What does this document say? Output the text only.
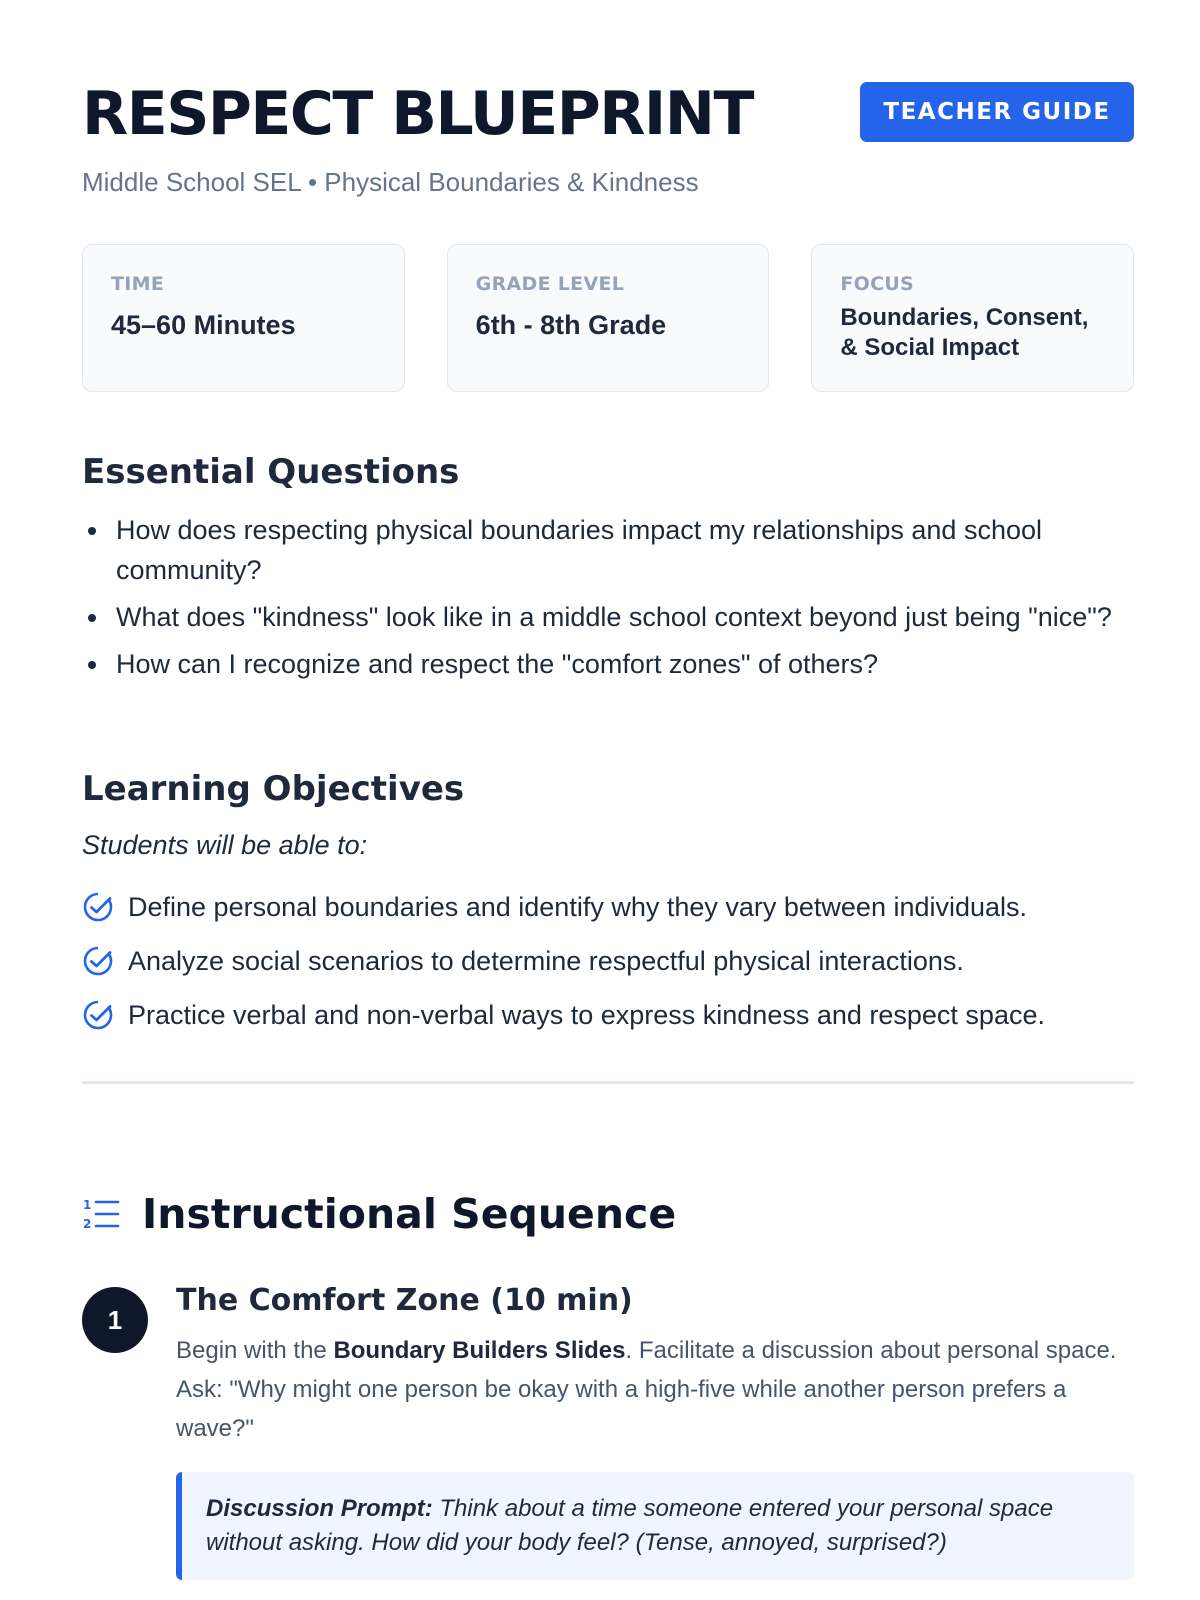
RESPECT BLUEPRINT
Middle School SEL • Physical Boundaries & Kindness
TEACHER GUIDE
TIME
45–60 Minutes
GRADE LEVEL
6th - 8th Grade
FOCUS
Boundaries, Consent,
& Social Impact
Essential Questions
How does respecting physical boundaries impact my relationships and school community?
What does "kindness" look like in a middle school context beyond just being "nice"?
How can I recognize and respect the "comfort zones" of others?
Learning Objectives
Students will be able to:
Define personal boundaries and identify why they vary between individuals.
Analyze social scenarios to determine respectful physical interactions.
Practice verbal and non-verbal ways to express kindness and respect space.
1
2 Instructional Sequence
1
The Comfort Zone (10 min)

Begin with the Boundary Builders Slides. Facilitate a discussion about personal space. Ask: "Why might one person be okay with a high-five while another person prefers a wave?"

Discussion Prompt: Think about a time someone entered your personal space without asking. How did your body feel? (Tense, annoyed, surprised?)
